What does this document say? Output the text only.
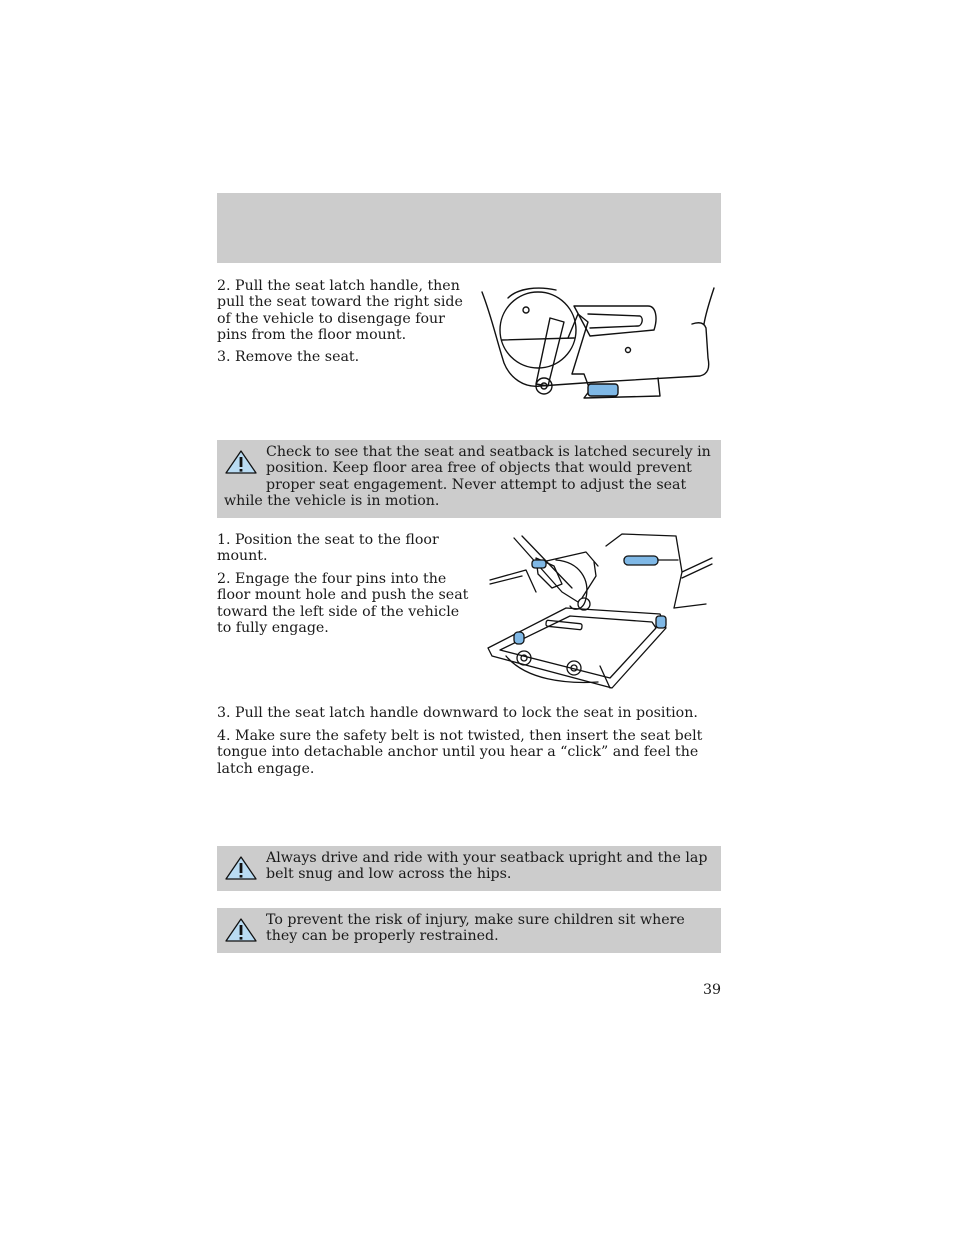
2. Pull the seat latch handle, then pull the seat toward the right side of the vehicle to disengage four pins from the floor mount.

3. Remove the seat.

Check to see that the seat and seatback is latched securely in position. Keep floor area free of objects that would prevent proper seat engagement. Never attempt to adjust the seat while the vehicle is in motion.

1. Position the seat to the floor mount.

2. Engage the four pins into the floor mount hole and push the seat toward the left side of the vehicle to fully engage.

3. Pull the seat latch handle downward to lock the seat in position.

4. Make sure the safety belt is not twisted, then insert the seat belt tongue into detachable anchor until you hear a “click” and feel the latch engage.

Always drive and ride with your seatback upright and the lap belt snug and low across the hips.
To prevent the risk of injury, make sure children sit where they can be properly restrained.
39
